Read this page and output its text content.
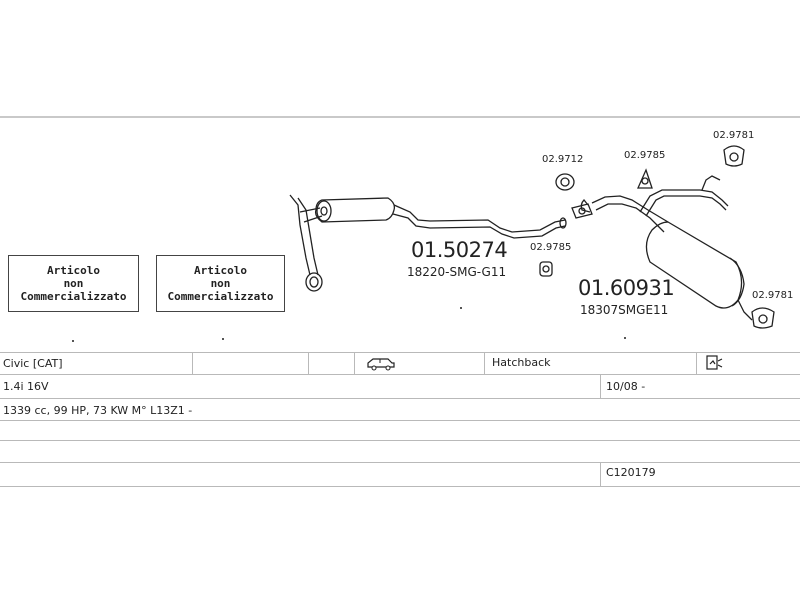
Articolo
non
Commercializzato
Articolo
non
Commercializzato
01.50274
18220-SMG-G11
01.60931
18307SMGE11
02.9712	02.9785
02.9785
02.9781
02.9781
Civic [CAT]	Hatchback
1.4i 16V	10/08 -
1339 cc, 99 HP, 73 KW M° L13Z1 -
C120179
